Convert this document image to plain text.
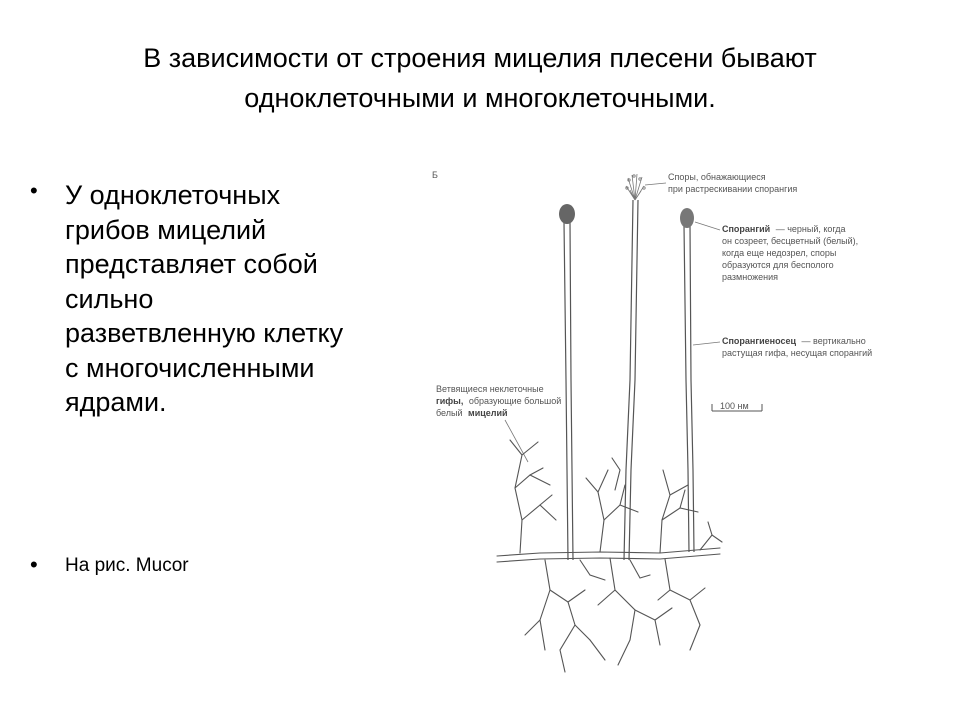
В зависимости от строения мицелия плесени бывают
одноклеточными и многоклеточными.
• У одноклеточных
грибов мицелий
представляет собой
сильно
разветвленную клетку
с многочисленными
ядрами.
• На рис. Mucor
Б	Споры, обнажающиеся
при растрескивании спорангия
Спорангий — черный, когда
он созреет, бесцветный (белый),
когда еще недозрел, споры
образуются для бесполого
размножения
Спорангиеносец — вертикально
растущая гифа, несущая спорангий
Ветвящиеся неклеточные
гифы, образующие большой
белый мицелий
100 нм
